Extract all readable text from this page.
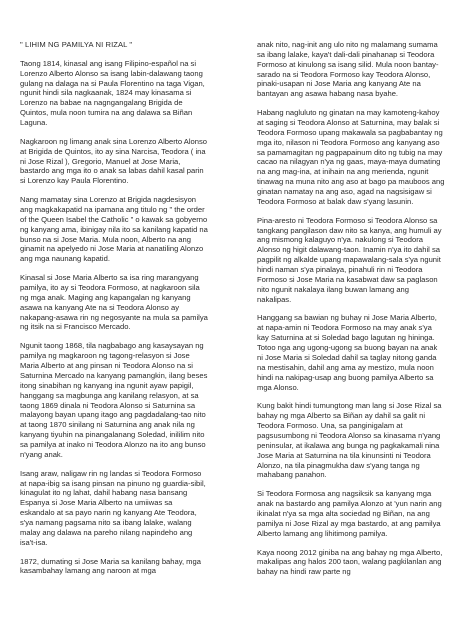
" LIHIM NG PAMILYA NI RIZAL "

Taong 1814, kinasal ang isang Filipino-español na si Lorenzo Alberto Alonso sa isang labin-dalawang taong gulang na dalaga na si Paula Florentino na taga Vigan, ngunit hindi sila nagkaanak, 1824 may kinasama si Lorenzo na babae na nagngangalang Brigida de Quintos, mula noon tumira na ang dalawa sa Biñan Laguna.

Nagkaroon ng limang anak sina Lorenzo Alberto Alonso at Brigida de Quintos, ito ay sina Narcisa, Teodora ( ina ni Jose Rizal ), Gregorio, Manuel at Jose Maria, bastardo ang mga ito o anak sa labas dahil kasal parin si Lorenzo kay Paula Florentino.

Nang mamatay sina Lorenzo at Brigida nagdesisyon ang magkakapatid na ipamana ang titulo ng " the order of the Queen Isabel the Catholic " o kawak sa gobyerno ng kanyang ama, ibinigay nila ito sa kanilang kapatid na bunso na si Jose Maria. Mula noon, Alberto na ang ginamit na apelyedo ni Jose Maria at nanatiling Alonzo ang mga naunang kapatid.

Kinasal si Jose Maria Alberto sa isa ring marangyang pamilya, ito ay si Teodora Formoso, at nagkaroon sila ng mga anak. Maging ang kapangalan ng kanyang asawa na kanyang Ate na si Teodora Alonso ay nakapang-asawa rin ng negosyante na mula sa pamilya ng itsik na si Francisco Mercado.

Ngunit taong 1868, tila nagbabago ang kasaysayan ng pamilya ng magkaroon ng tagong-relasyon si Jose Maria Alberto at ang pinsan ni Teodora Alonso na si Saturnina Mercado na kanyang pamangkin, ilang beses itong sinabihan ng kanyang ina ngunit ayaw papigil, hanggang sa magbunga ang kanilang relasyon, at sa taong 1869 dinala ni Teodora Alonso si Saturnina sa malayong bayan upang itago ang pagdadalang-tao nito at taong 1870 sinilang ni Saturnina ang anak nila ng kanyang tiyuhin na pinangalanang Soledad, inililim nito sa pamilya at inako ni Teodora Alonzo na ito ang bunso n'yang anak.

Isang araw, naligaw rin ng landas si Teodora Formoso at napa-ibig sa isang pinsan na pinuno ng guardia-sibil, kinagulat ito ng lahat, dahil habang nasa bansang Espanya si Jose Maria Alberto na umiiwas sa eskandalo at sa payo narin ng kanyang Ate Teodora, s'ya namang pagsama nito sa ibang lalake, walang malay ang dalawa na pareho nilang napindeho ang isa't-isa.

1872, dumating si Jose Maria sa kanilang bahay, mga kasambahay lamang ang naroon at mga

anak nito, nag-init ang ulo nito ng malamang sumama sa ibang lalake, kaya't dali-dali pinahanap si Teodora Formoso at kinulong sa isang silid. Mula noon bantay-sarado na si Teodora Formoso kay Teodora Alonso, pinaki-usapan ni Jose Maria ang kanyang Ate na bantayan ang asawa habang nasa byahe.

Habang nagluluto ng ginatan na may kamoteng-kahoy at saging si Teodora Alonso at Saturnina, may balak si Teodora Formoso upang makawala sa pagbabantay ng mga ito, nilason ni Teodora Formoso ang kanyang aso sa pamamagitan ng pagpapainum dito ng tubig na may cacao na nilagyan n'ya ng gaas, maya-maya dumating na ang mag-ina, at inihain na ang merienda, ngunit tinawag na muna nito ang aso at bago pa mauboos ang ginatan namatay na ang aso, agad na nagsisigaw si Teodora Formoso at balak daw s'yang lasunin.

Pina-aresto ni Teodora Formoso si Teodora Alonso sa tangkang pangilason daw nito sa kanya, ang humuli ay ang mismong kalaguyo n'ya. nakulong si Teodora Alonso ng higit dalawang-taon. Inamin n'ya ito dahil sa pagpilit ng alkalde upang mapawalang-sala s'ya ngunit hindi naman s'ya pinalaya, pinahuli rin ni Teodora Formoso si Jose Maria na kasabwat daw sa paglason nito ngunit nakalaya ilang buwan lamang ang nakalipas.

Hanggang sa bawian ng buhay ni Jose Maria Alberto, at napa-amin ni Teodora Formoso na may anak s'ya kay Saturnina at si Soledad bago lagutan ng hininga. Totoo nga ang ugong-ugong sa buong bayan na anak ni Jose Maria si Soledad dahil sa taglay nitong ganda na mestisahin, dahil ang ama ay mestizo, mula noon hindi na nakipag-usap ang buong pamilya Alberto sa mga Alonso.

Kung bakit hindi tumungtong man lang si Jose Rizal sa bahay ng mga Alberto sa Biñan ay dahil sa galit ni Teodora Formoso. Una, sa panginigalam at pagsusumbong ni Teodora Alonso sa kinasama n'yang peninsular, at ikalawa ang bunga ng pagkakamali nina Jose Maria at Saturnina na tila kinunsinti ni Teodora Alonzo, na tila pinagmukha daw s'yang tanga ng mahabang panahon.

Si Teodora Formosa ang nagsiksik sa kanyang mga anak na bastardo ang pamilya Alonzo at 'yun narin ang ikinalat n'ya sa mga alta sociedad ng Biñan, na ang pamilya ni Jose Rizal ay mga bastardo, at ang pamilya Alberto lamang ang lihitimong pamilya.

Kaya noong 2012 giniba na ang bahay ng mga Alberto, makalipas ang halos 200 taon, walang pagkilanlan ang bahay na hindi raw parte ng
